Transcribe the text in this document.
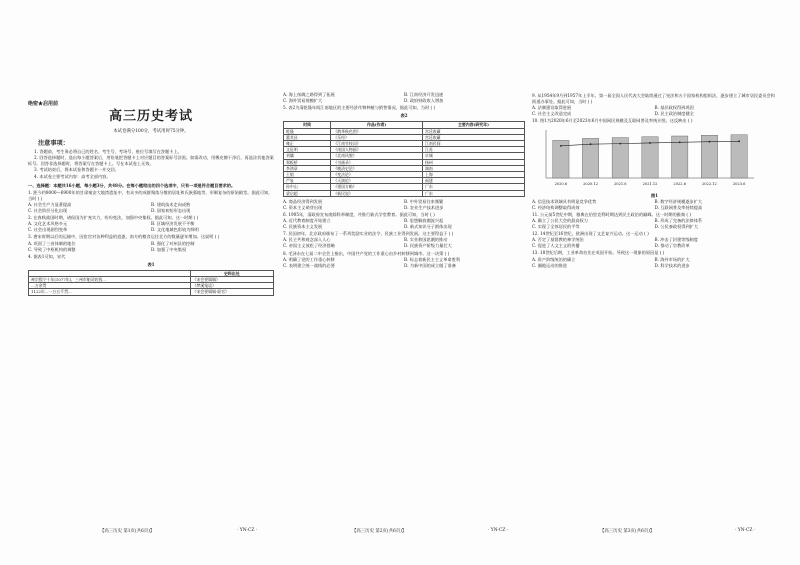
绝密★启用前
高三历史考试
本试卷满分100分，考试用时75分钟。
注意事项：

1. 答题前，考生务必将自己的姓名、考生号、考场号、座位号填写在答题卡上。

2. 回答选择题时，选出每小题答案后，用铅笔把答题卡上对应题目的答案标号涂黑。如需改动，用橡皮擦干净后，再选涂其他答案标号。回答非选择题时，将答案写在答题卡上。写在本试卷上无效。

3. 考试结束后，将本试卷和答题卡一并交回。

4. 本试卷主要考试内容：高考全部内容。

一、选择题：本题共16小题，每小题3分，共48分。在每小题给出的四个选项中，只有一项是符合题目要求的。
1. 距今约8000—6900年的甘肃秦安大地湾遗址中，有众多的成群聚落分散的居址和氏族墓地等，形制复杂的原始殿堂。据此可知，当时 ( )
A. 社会生产力显著提高	B. 建筑技术走向成熟
C. 社会阶层分化出现	D. 国家初始形态出现
2. 在春秋战国时期，诸侯国为扩充实力，纷纷变法，加强中央集权。据此可知，这一时期 ( )
A. 文化艺术风格多元	B. 区域经济发展不平衡
C. 社会出现剧烈变革	D. 文化地域色彩较为鲜明
3. 唐宋时期以后的运输中，因宦官对各种利益的追逐，南方的粮食运往北方的数量逐年增加。这说明 ( )
A. 巩固了三省体制的地位	B. 强化了对州县的控制
C. 导致了中枢机构的调整	D. 加强了中央集权
4. 据表1可知，宋代
表1
	史料出处
神宗熙宁十年(1077年)，三州市舶司收钱...	《宋会要辑稿》
...万余贯	《梦溪笔谈》
1122年...一万五千贯...	《宋会要辑稿·职官》
A. 海上丝绸之路得到了拓展	B. 江南经济开发迅速
C. 海外贸易规模扩大	D. 政府财政收入增加
5. 表2为清乾隆年间江南地区的主要经济作物种植与销售情况。据此可知，当时 ( )
表2
时间	作品(作者)	主要内容(研究年)
乾隆	《鹊华秋色图》	宫廷收藏
董其昌	《乐经》	宫廷收藏
雍正	《江南竹枝词》	江南民间
文征明	《南国人物画》	江苏
刘墉	《北南风貌》	京城
郑板桥	《书画录》	扬州
李鸿章	《晚清史论》	湖南
王韬	《变法论》	上海
严复	《天演论》	福建
孙中山	《建国方略》	广东
梁启超	《新民说》	广东
A. 商品经济得到发展	B. 中外贸易往来频繁
C. 资本主义萌芽出现	D. 农业生产技术进步
6. 1905年，清政府宣布废除科举制度，并推行新式学堂教育。据此可知，当时 ( )
A. 近代教育制度开始建立	B. 思想解放潮流兴起
C. 民族资本主义发展	D. 新式知识分子群体出现
7. 民国初年，北京政府颁布了一系列奖励实业的法令，民族工业得到发展。这主要得益于 ( )
A. 民主共和观念深入人心	B. 实业救国思潮的推动
C. 帝国主义放松了经济侵略	D. 民族资产阶级力量壮大
8. 毛泽东在七届二中全会上指出，中国共产党的工作重心由乡村转移到城市。这一决策 ( )
A. 明确了党的工作重心转移	B. 标志着新民主主义革命胜利
C. 表明建立统一战线的必要	D. 为新中国的成立做了准备
9. 从1954年9月到1957年上半年，第一届全国人民代表大会陆续通过了宪法和五个国家机构组织法，逐步建立了城市居民委员会和街道办事处。据此可知，当时 ( )
A. 法制建设取得进展	B. 基层政权得到巩固
C. 社会主义改造完成	D. 民主政治制度健全
10. 图1为2020年6月至2023年6月中国网民规模及互联网普及率统计图。这反映出 ( )
2020.6	2020.12	2021.6	2021.12	2022.6	2022.12	2023.6
图1
A. 信息技术领域具有明显竞争优势	B. 数字经济规模逐步扩大
C. 经济结构调整取得成效	D. 互联网普及率持续提高
11. 公元前5世纪中期，雅典在伯里克利时期达到民主政治的巅峰。这一时期的雅典 ( )
A. 确立了公民大会的最高权力	B. 形成了完备的法律体系
C. 实现了全体居民的平等	D. 公民参政权得到扩大
12. 14世纪至16世纪，欧洲出现了文艺复兴运动。这一运动 ( )
A. 否定了基督教的神学统治	B. 冲击了封建等级制度
C. 促进了人文主义的传播	D. 推动了宗教改革
13. 18世纪后期，工业革命首先在英国开始。导致这一现象的原因是 ( )
A. 资产阶级统治的确立	B. 海外市场的扩大
C. 圈地运动的推进	D. 科学技术的进步
【高三历史 第1页(共6页)】	· YN-CZ ·	【高三历史 第2页(共6页)】	· YN-CZ ·	【高三历史 第3页(共6页)】	· YN-CZ ·
